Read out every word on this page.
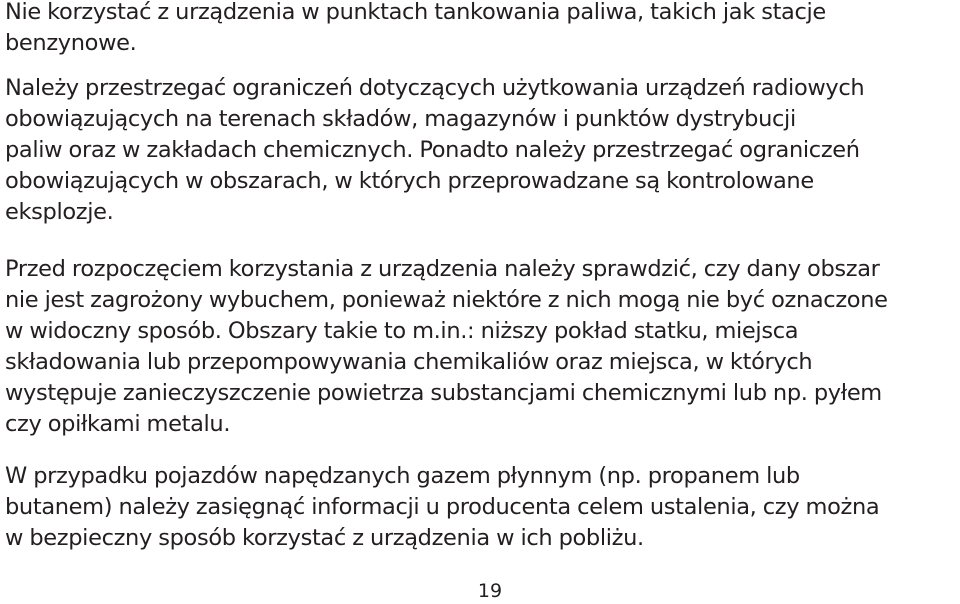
Nie korzystać z urządzenia w punktach tankowania paliwa, takich jak stacje
benzynowe.

Należy przestrzegać ograniczeń dotyczących użytkowania urządzeń radiowych
obowiązujących na terenach składów, magazynów i punktów dystrybucji
paliw oraz w zakładach chemicznych. Ponadto należy przestrzegać ograniczeń
obowiązujących w obszarach, w których przeprowadzane są kontrolowane
eksplozje.

Przed rozpoczęciem korzystania z urządzenia należy sprawdzić, czy dany obszar
nie jest zagrożony wybuchem, ponieważ niektóre z nich mogą nie być oznaczone
w widoczny sposób. Obszary takie to m.in.: niższy pokład statku, miejsca
składowania lub przepompowywania chemikaliów oraz miejsca, w których
występuje zanieczyszczenie powietrza substancjami chemicznymi lub np. pyłem
czy opiłkami metalu.

W przypadku pojazdów napędzanych gazem płynnym (np. propanem lub
butanem) należy zasięgnąć informacji u producenta celem ustalenia, czy można
w bezpieczny sposób korzystać z urządzenia w ich pobliżu.

19
